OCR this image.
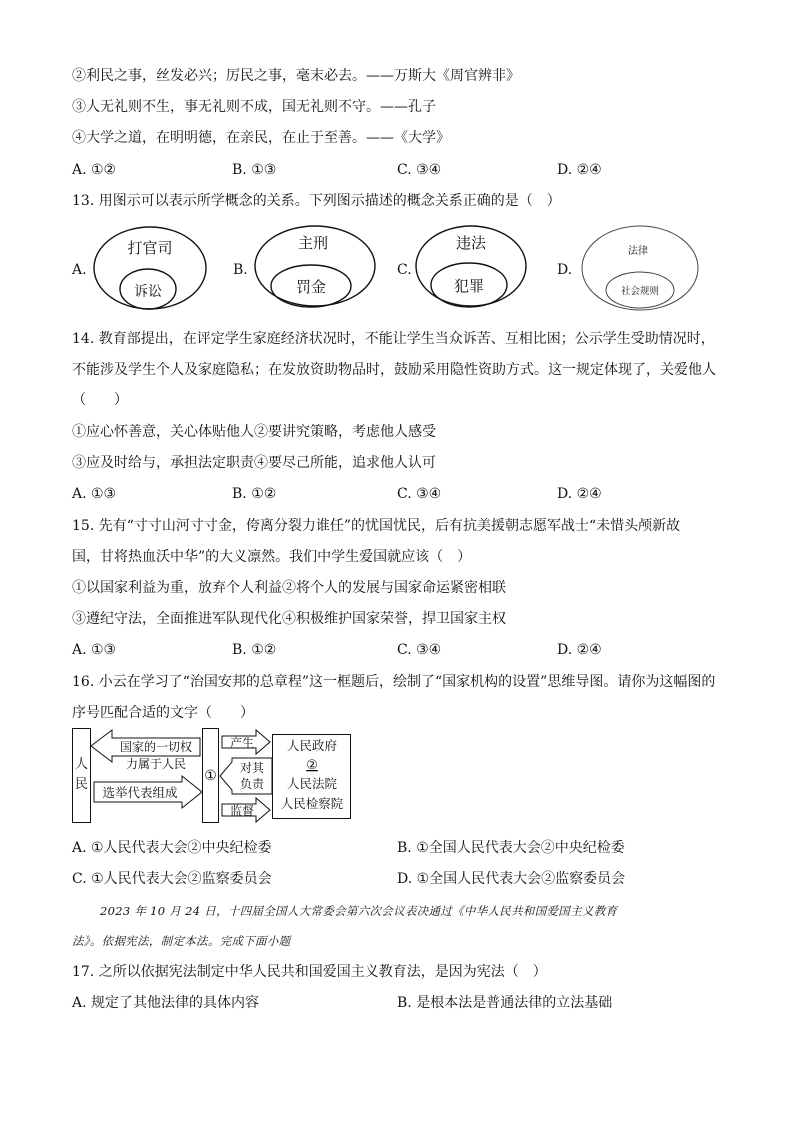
②利民之事，丝发必兴；厉民之事，毫末必去。——万斯大《周官辨非》
③人无礼则不生，事无礼则不成，国无礼则不守。——孔子
④大学之道，在明明德，在亲民，在止于至善。——《大学》
A. ①②	B. ①③	C. ③④	D. ②④
13. 用图示可以表示所学概念的关系。下列图示描述的概念关系正确的是（　）
A.
打官司
诉讼
B.
主刑
罚金
C.
违法
犯罪
D.
法律
社会规则
14. 教育部提出，在评定学生家庭经济状况时，不能让学生当众诉苦、互相比困；公示学生受助情况时，
不能涉及学生个人及家庭隐私；在发放资助物品时，鼓励采用隐性资助方式。这一规定体现了，关爱他人
（　　）
①应心怀善意，关心体贴他人②要讲究策略，考虑他人感受
③应及时给与，承担法定职责④要尽己所能，追求他人认可
A. ①③	B. ①②	C. ③④	D. ②④
15. 先有“寸寸山河寸寸金，侉离分裂力谁任”的忧国忧民，后有抗美援朝志愿军战士“未惜头颅新故
国，甘将热血沃中华”的大义凛然。我们中学生爱国就应该（　）
①以国家利益为重，放弃个人利益②将个人的发展与国家命运紧密相联
③遵纪守法，全面推进军队现代化④积极维护国家荣誉，捍卫国家主权
A. ①③	B. ①②	C. ③④	D. ②④
16. 小云在学习了“治国安邦的总章程”这一框题后，绘制了“国家机构的设置”思维导图。请你为这幅图的
序号匹配合适的文字（　　）
人
民
国家的一切权
力属于人民
选举代表组成
①
产生
对其
负责
监督
人民政府
②
人民法院
人民检察院
A. ①人民代表大会②中央纪检委	B. ①全国人民代表大会②中央纪检委
C. ①人民代表大会②监察委员会	D. ①全国人民代表大会②监察委员会
2023 年 10 月 24 日，十四届全国人大常委会第六次会议表决通过《中华人民共和国爱国主义教育
法》。依据宪法，制定本法。完成下面小题
17. 之所以依据宪法制定中华人民共和国爱国主义教育法，是因为宪法（　）
A. 规定了其他法律的具体内容	B. 是根本法是普通法律的立法基础
